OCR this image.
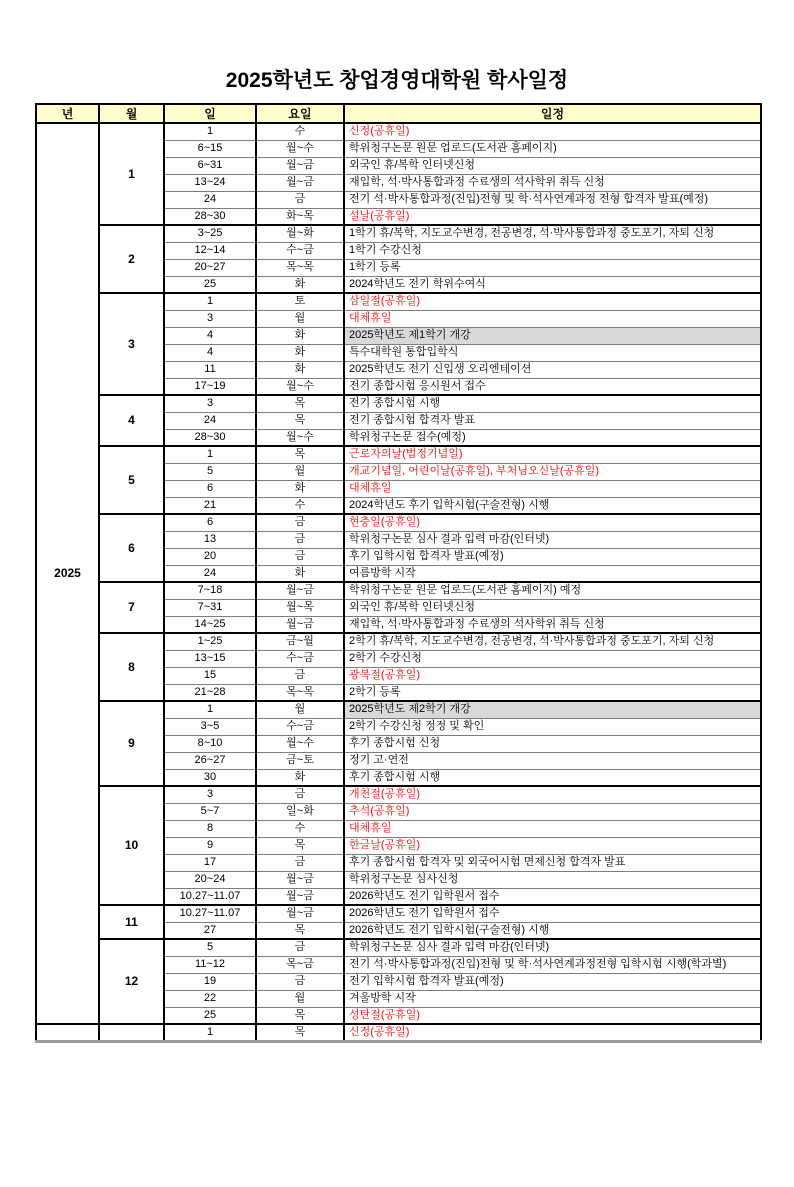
2025학년도 창업경영대학원 학사일정
년	월	일	요일	일정
2025	1	1	수	신정(공휴일)
		6~15	월~수	학위청구논문 원문 업로드(도서관 홈페이지)
		6~31	월~금	외국인 휴/복학 인터넷신청
		13~24	월~금	재입학, 석·박사통합과정 수료생의 석사학위 취득 신청
		24	금	전기 석·박사통합과정(진입)전형 및 학·석사연계과정 전형 합격자 발표(예정)
		28~30	화~목	설날(공휴일)
	2	3~25	월~화	1학기 휴/복학, 지도교수변경, 전공변경, 석·박사통합과정 중도포기, 자퇴 신청
		12~14	수~금	1학기 수강신청
		20~27	목~목	1학기 등록
		25	화	2024학년도 전기 학위수여식
	3	1	토	삼일절(공휴일)
		3	월	대체휴일
		4	화	2025학년도 제1학기 개강
		4	화	특수대학원 통합입학식
		11	화	2025학년도 전기 신입생 오리엔테이션
		17~19	월~수	전기 종합시험 응시원서 접수
	4	3	목	전기 종합시험 시행
		24	목	전기 종합시험 합격자 발표
		28~30	월~수	학위청구논문 접수(예정)
	5	1	목	근로자의날(법정기념일)
		5	월	개교기념일, 어린이날(공휴일), 부처님오신날(공휴일)
		6	화	대체휴일
		21	수	2024학년도 후기 입학시험(구술전형) 시행
	6	6	금	현충일(공휴일)
		13	금	학위청구논문 심사 결과 입력 마감(인터넷)
		20	금	후기 입학시험 합격자 발표(예정)
		24	화	여름방학 시작
	7	7~18	월~금	학위청구논문 원문 업로드(도서관 홈페이지) 예정
		7~31	월~목	외국인 휴/복학 인터넷신청
		14~25	월~금	재입학, 석·박사통합과정 수료생의 석사학위 취득 신청
	8	1~25	금~월	2학기 휴/복학, 지도교수변경, 전공변경, 석·박사통합과정 중도포기, 자퇴 신청
		13~15	수~금	2학기 수강신청
		15	금	광복절(공휴일)
		21~28	목~목	2학기 등록
	9	1	월	2025학년도 제2학기 개강
		3~5	수~금	2학기 수강신청 정정 및 확인
		8~10	월~수	후기 종합시험 신청
		26~27	금~토	정기 고·연전
		30	화	후기 종합시험 시행
	10	3	금	개천절(공휴일)
		5~7	일~화	추석(공휴일)
		8	수	대체휴일
		9	목	한글날(공휴일)
		17	금	후기 종합시험 합격자 및 외국어시험 면제신청 합격자 발표
		20~24	월~금	학위청구논문 심사신청
		10.27~11.07	월~금	2026학년도 전기 입학원서 접수
	11	10.27~11.07	월~금	2026학년도 전기 입학원서 접수
		27	목	2026학년도 전기 입학시험(구술전형) 시행
	12	5	금	학위청구논문 심사 결과 입력 마감(인터넷)
		11~12	목~금	전기 석·박사통합과정(진입)전형 및 학·석사연계과정전형 입학시험 시행(학과별)
		19	금	전기 입학시험 합격자 발표(예정)
		22	월	겨울방학 시작
		25	목	성탄절(공휴일)
		1	목	신정(공휴일)
